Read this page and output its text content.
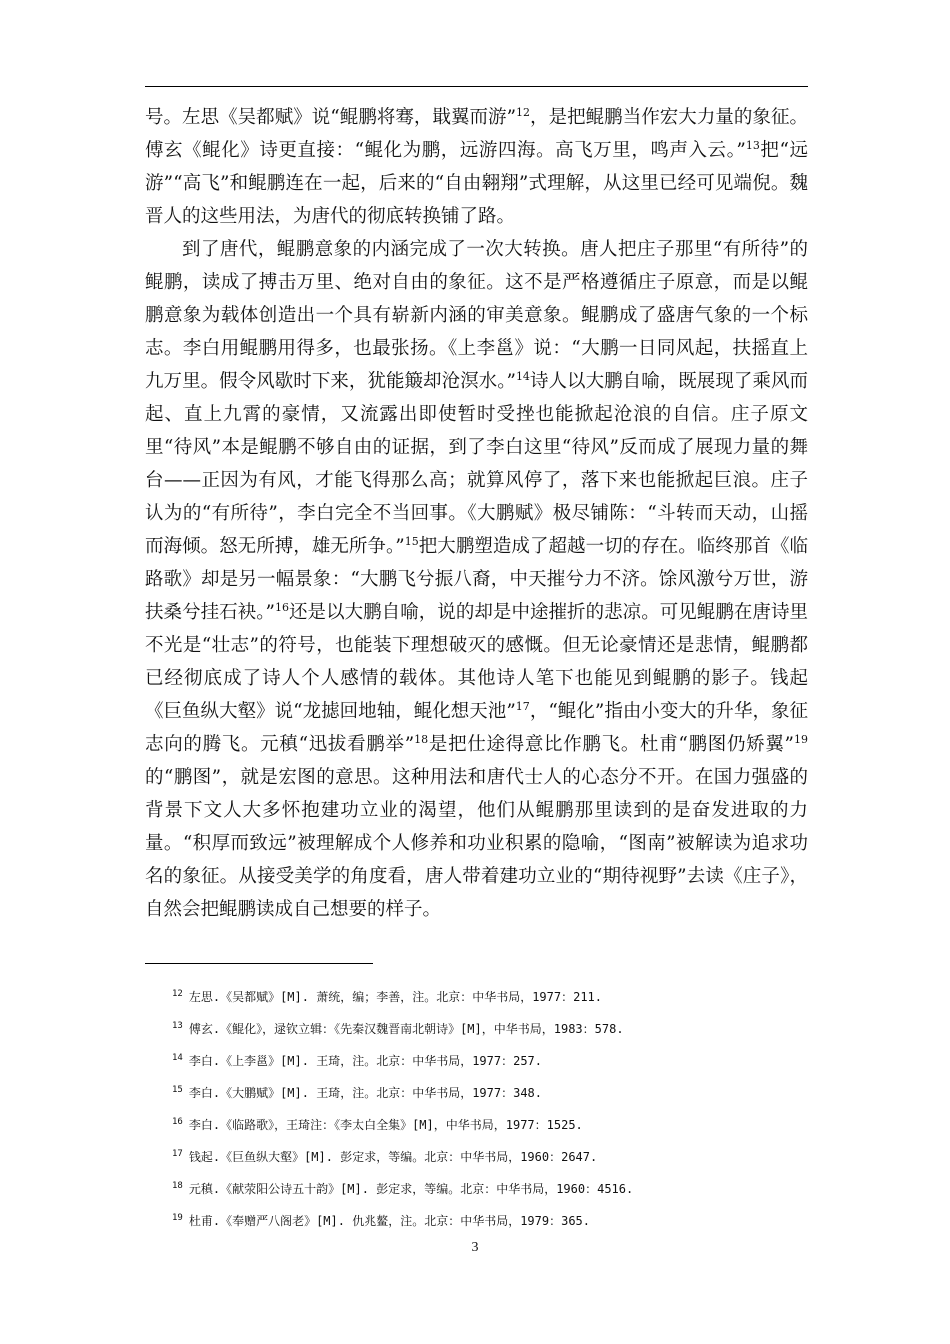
号。左思《吴都赋》说“鲲鹏将骞，戢翼而游”$^{12}$，是把鲲鹏当作宏大力量的象征。傅玄《鲲化》诗更直接：“鲲化为鹏，远游四海。高飞万里，鸣声入云。”$^{13}$把“远游”“高飞”和鲲鹏连在一起，后来的“自由翱翔”式理解，从这里已经可见端倪。魏晋人的这些用法，为唐代的彻底转换铺了路。

到了唐代，鲲鹏意象的内涵完成了一次大转换。唐人把庄子那里“有所待”的鲲鹏，读成了搏击万里、绝对自由的象征。这不是严格遵循庄子原意，而是以鲲鹏意象为载体创造出一个具有崭新内涵的审美意象。鲲鹏成了盛唐气象的一个标志。李白用鲲鹏用得多，也最张扬。《上李邕》说：“大鹏一日同风起，扶摇直上九万里。假令风歇时下来，犹能簸却沧溟水。”$^{14}$诗人以大鹏自喻，既展现了乘风而起、直上九霄的豪情，又流露出即使暂时受挫也能掀起沧浪的自信。庄子原文里“待风”本是鲲鹏不够自由的证据，到了李白这里“待风”反而成了展现力量的舞台——正因为有风，才能飞得那么高；就算风停了，落下来也能掀起巨浪。庄子认为的“有所待”，李白完全不当回事。《大鹏赋》极尽铺陈：“斗转而天动，山摇而海倾。怒无所搏，雄无所争。”$^{15}$把大鹏塑造成了超越一切的存在。临终那首《临路歌》却是另一幅景象：“大鹏飞兮振八裔，中天摧兮力不济。馀风激兮万世，游扶桑兮挂石袂。”$^{16}$还是以大鹏自喻，说的却是中途摧折的悲凉。可见鲲鹏在唐诗里不光是“壮志”的符号，也能装下理想破灭的感慨。但无论豪情还是悲情，鲲鹏都已经彻底成了诗人个人感情的载体。其他诗人笔下也能见到鲲鹏的影子。钱起《巨鱼纵大壑》说“龙摅回地轴，鲲化想天池”$^{17}$，“鲲化”指由小变大的升华，象征志向的腾飞。元稹“迅拔看鹏举”$^{18}$是把仕途得意比作鹏飞。杜甫“鹏图仍矫翼”$^{19}$的“鹏图”，就是宏图的意思。这种用法和唐代士人的心态分不开。在国力强盛的背景下文人大多怀抱建功立业的渴望，他们从鲲鹏那里读到的是奋发进取的力量。“积厚而致远”被理解成个人修养和功业积累的隐喻，“图南”被解读为追求功名的象征。从接受美学的角度看，唐人带着建功立业的“期待视野”去读《庄子》，自然会把鲲鹏读成自己想要的样子。

$^{12}$ 左思.《吴都赋》[M]. 萧统，编；李善，注。北京：中华书局，1977：211.
$^{13}$ 傅玄.《鲲化》，逯钦立辑：《先秦汉魏晋南北朝诗》[M]，中华书局，1983：578.
$^{14}$ 李白.《上李邕》[M]. 王琦，注。北京：中华书局，1977：257.
$^{15}$ 李白.《大鹏赋》[M]. 王琦，注。北京：中华书局，1977：348.
$^{16}$ 李白.《临路歌》，王琦注：《李太白全集》[M]，中华书局，1977：1525.
$^{17}$ 钱起.《巨鱼纵大壑》[M]. 彭定求，等编。北京：中华书局，1960：2647.
$^{18}$ 元稹.《献荥阳公诗五十韵》[M]. 彭定求，等编。北京：中华书局，1960：4516.
$^{19}$ 杜甫.《奉赠严八阁老》[M]. 仇兆鳌，注。北京：中华书局，1979：365.
3
